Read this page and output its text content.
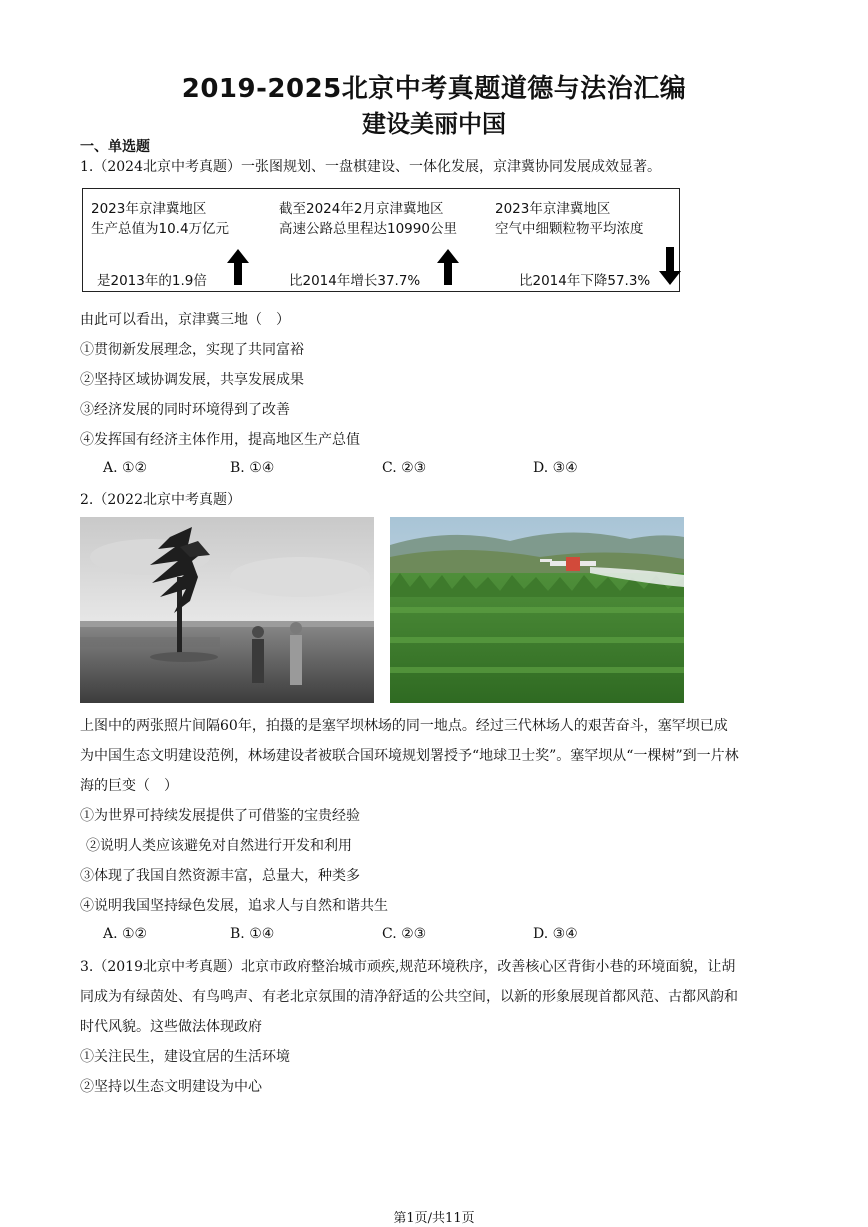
2019-2025北京中考真题道德与法治汇编
建设美丽中国
一、单选题
1.（2024北京中考真题）一张图规划、一盘棋建设、一体化发展，京津冀协同发展成效显著。
2023年京津冀地区
生产总值为10.4万亿元
是2013年的1.9倍
截至2024年2月京津冀地区
高速公路总里程达10990公里
比2014年增长37.7%
2023年京津冀地区
空气中细颗粒物平均浓度
比2014年下降57.3%
由此可以看出，京津冀三地（　）
①贯彻新发展理念，实现了共同富裕
②坚持区域协调发展，共享发展成果
③经济发展的同时环境得到了改善
④发挥国有经济主体作用，提高地区生产总值
A. ①②	B. ①④	C. ②③	D. ③④
2.（2022北京中考真题）
上图中的两张照片间隔60年，拍摄的是塞罕坝林场的同一地点。经过三代林场人的艰苦奋斗，塞罕坝已成
为中国生态文明建设范例，林场建设者被联合国环境规划署授予“地球卫士奖”。塞罕坝从“一棵树”到一片林
海的巨变（　）
①为世界可持续发展提供了可借鉴的宝贵经验
②说明人类应该避免对自然进行开发和利用
③体现了我国自然资源丰富，总量大，种类多
④说明我国坚持绿色发展，追求人与自然和谐共生
A. ①②	B. ①④	C. ②③	D. ③④
3.（2019北京中考真题）北京市政府整治城市顽疾,规范环境秩序，改善核心区背街小巷的环境面貌，让胡
同成为有绿茵处、有鸟鸣声、有老北京氛围的清净舒适的公共空间，以新的形象展现首都风范、古都风韵和
时代风貌。这些做法体现政府
①关注民生，建设宜居的生活环境
②坚持以生态文明建设为中心
第1页/共11页
